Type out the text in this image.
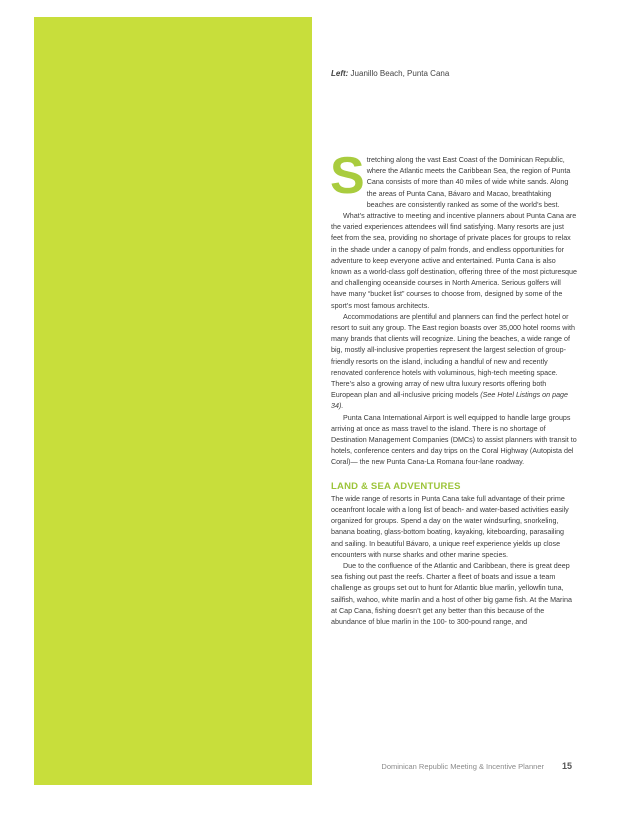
Left: Juanillo Beach, Punta Cana

Stretching along the vast East Coast of the Dominican Republic, where the Atlantic meets the Caribbean Sea, the region of Punta Cana consists of more than 40 miles of wide white sands. Along the areas of Punta Cana, Bávaro and Macao, breathtaking beaches are consistently ranked as some of the world’s best.

What’s attractive to meeting and incentive planners about Punta Cana are the varied experiences attendees will find satisfying. Many resorts are just feet from the sea, providing no shortage of private places for groups to relax in the shade under a canopy of palm fronds, and endless opportunities for adventure to keep everyone active and entertained. Punta Cana is also known as a world-class golf destination, offering three of the most picturesque and challenging oceanside courses in North America. Serious golfers will have many “bucket list” courses to choose from, designed by some of the sport’s most famous architects.

Accommodations are plentiful and planners can find the perfect hotel or resort to suit any group. The East region boasts over 35,000 hotel rooms with many brands that clients will recognize. Lining the beaches, a wide range of big, mostly all-inclusive properties represent the largest selection of group-friendly resorts on the island, including a handful of new and recently renovated conference hotels with voluminous, high-tech meeting space. There’s also a growing array of new ultra luxury resorts offering both European plan and all-inclusive pricing models (See Hotel Listings on page 34).

Punta Cana International Airport is well equipped to handle large groups arriving at once as mass travel to the island. There is no shortage of Destination Management Companies (DMCs) to assist planners with transit to hotels, conference centers and day trips on the Coral Highway (Autopista del Coral)— the new Punta Cana-La Romana four-lane roadway.

LAND & SEA ADVENTURES

The wide range of resorts in Punta Cana take full advantage of their prime oceanfront locale with a long list of beach- and water-based activities easily organized for groups. Spend a day on the water windsurfing, snorkeling, banana boating, glass-bottom boating, kayaking, kiteboarding, parasailing and sailing. In beautiful Bávaro, a unique reef experience yields up close encounters with nurse sharks and other marine species.

Due to the confluence of the Atlantic and Caribbean, there is great deep sea fishing out past the reefs. Charter a fleet of boats and issue a team challenge as groups set out to hunt for Atlantic blue marlin, yellowfin tuna, sailfish, wahoo, white marlin and a host of other big game fish. At the Marina at Cap Cana, fishing doesn’t get any better than this because of the abundance of blue marlin in the 100- to 300-pound range, and

Dominican Republic Meeting & Incentive Planner 15
